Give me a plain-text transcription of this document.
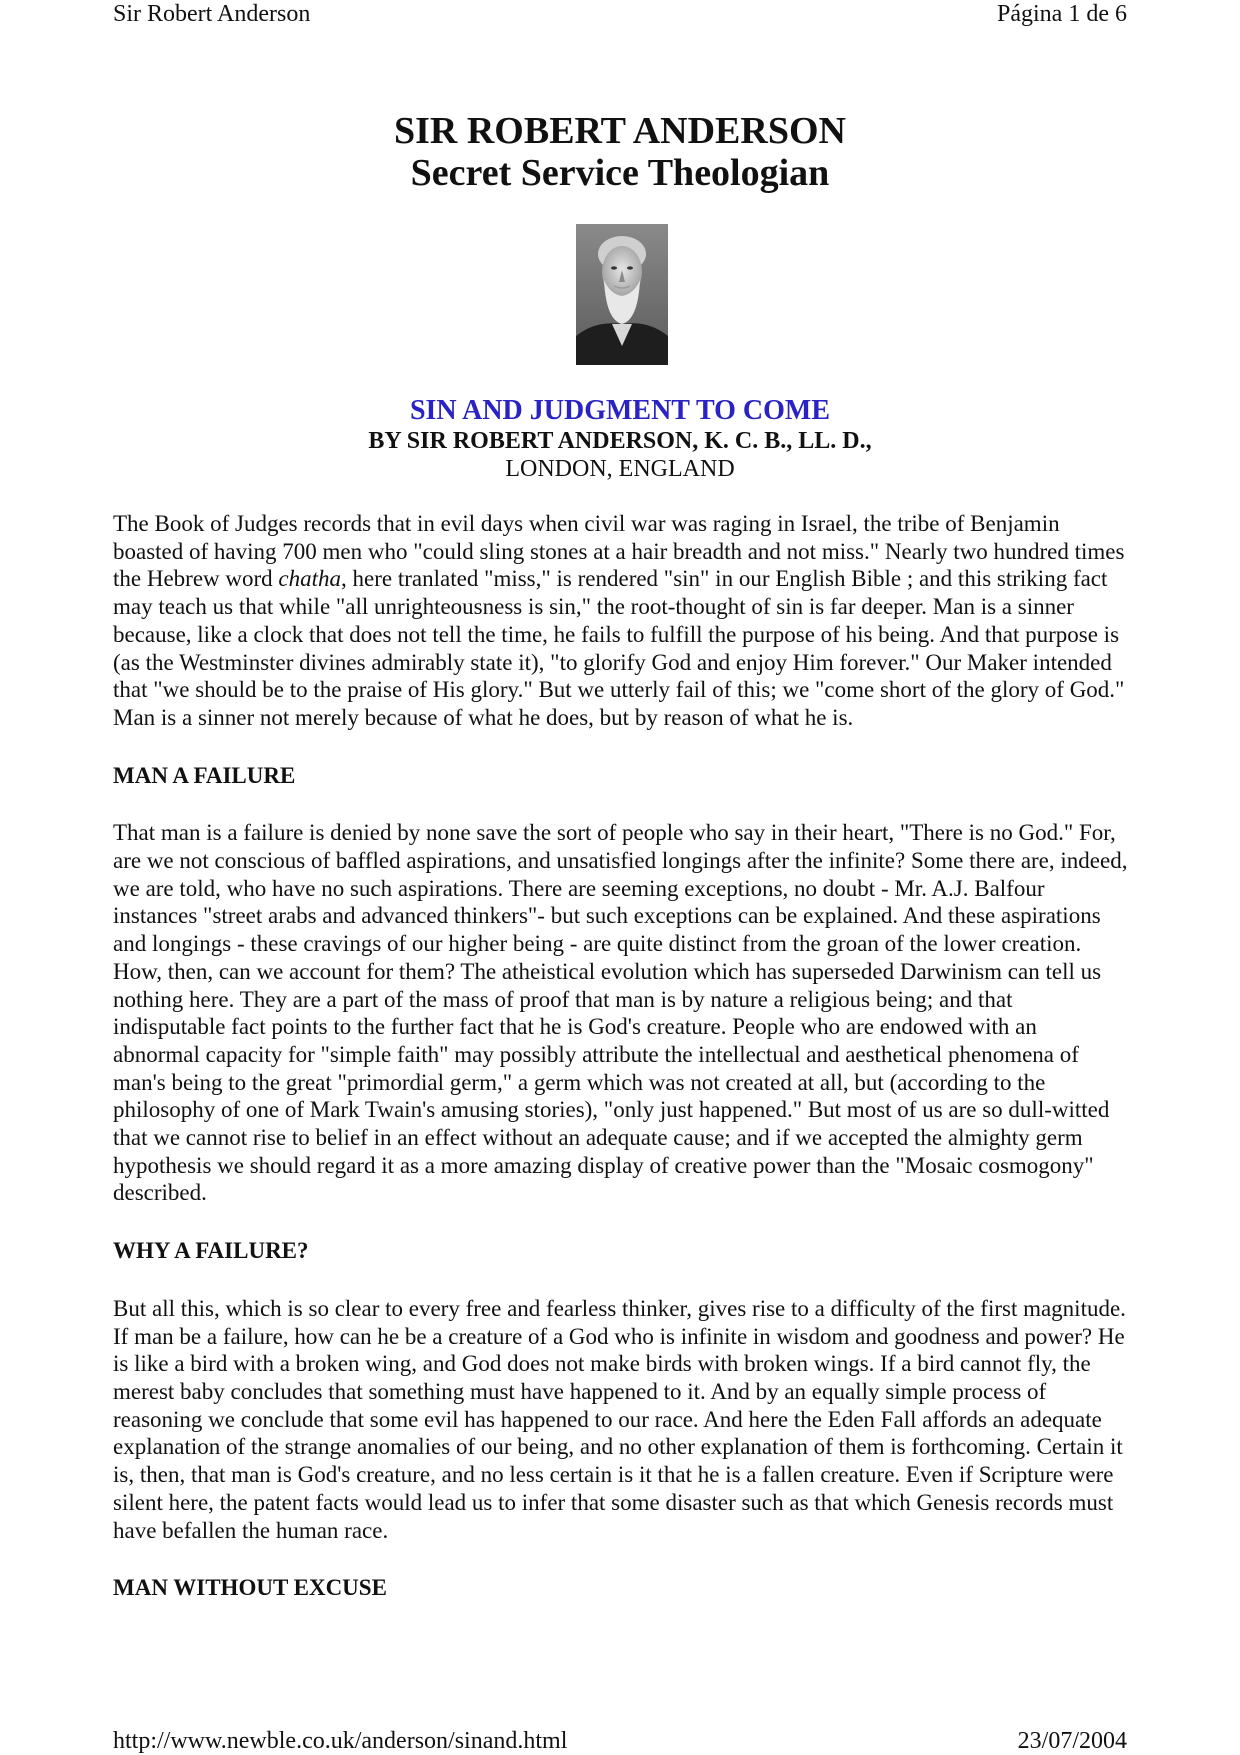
Sir Robert Anderson	Página 1 de 6
SIR ROBERT ANDERSON
Secret Service Theologian
SIN AND JUDGMENT TO COME
BY SIR ROBERT ANDERSON, K. C. B., LL. D.,
LONDON, ENGLAND

The Book of Judges records that in evil days when civil war was raging in Israel, the tribe of Benjamin boasted of having 700 men who "could sling stones at a hair breadth and not miss." Nearly two hundred times the Hebrew word chatha, here tranlated "miss," is rendered "sin" in our English Bible ; and this striking fact may teach us that while "all unrighteousness is sin," the root-thought of sin is far deeper. Man is a sinner because, like a clock that does not tell the time, he fails to fulfill the purpose of his being. And that purpose is (as the Westminster divines admirably state it), "to glorify God and enjoy Him forever." Our Maker intended that "we should be to the praise of His glory." But we utterly fail of this; we "come short of the glory of God." Man is a sinner not merely because of what he does, but by reason of what he is.

MAN A FAILURE

That man is a failure is denied by none save the sort of people who say in their heart, "There is no God." For, are we not conscious of baffled aspirations, and unsatisfied longings after the infinite? Some there are, indeed, we are told, who have no such aspirations. There are seeming exceptions, no doubt - Mr. A.J. Balfour instances "street arabs and advanced thinkers"- but such exceptions can be explained. And these aspirations and longings - these cravings of our higher being - are quite distinct from the groan of the lower creation. How, then, can we account for them? The atheistical evolution which has superseded Darwinism can tell us nothing here. They are a part of the mass of proof that man is by nature a religious being; and that indisputable fact points to the further fact that he is God's creature. People who are endowed with an abnormal capacity for "simple faith" may possibly attribute the intellectual and aesthetical phenomena of man's being to the great "primordial germ," a germ which was not created at all, but (according to the philosophy of one of Mark Twain's amusing stories), "only just happened." But most of us are so dull-witted that we cannot rise to belief in an effect without an adequate cause; and if we accepted the almighty germ hypothesis we should regard it as a more amazing display of creative power than the "Mosaic cosmogony" described.

WHY A FAILURE?

But all this, which is so clear to every free and fearless thinker, gives rise to a difficulty of the first magnitude. If man be a failure, how can he be a creature of a God who is infinite in wisdom and goodness and power? He is like a bird with a broken wing, and God does not make birds with broken wings. If a bird cannot fly, the merest baby concludes that something must have happened to it. And by an equally simple process of reasoning we conclude that some evil has happened to our race. And here the Eden Fall affords an adequate explanation of the strange anomalies of our being, and no other explanation of them is forthcoming. Certain it is, then, that man is God's creature, and no less certain is it that he is a fallen creature. Even if Scripture were silent here, the patent facts would lead us to infer that some disaster such as that which Genesis records must have befallen the human race.

MAN WITHOUT EXCUSE
http://www.newble.co.uk/anderson/sinand.html	23/07/2004
